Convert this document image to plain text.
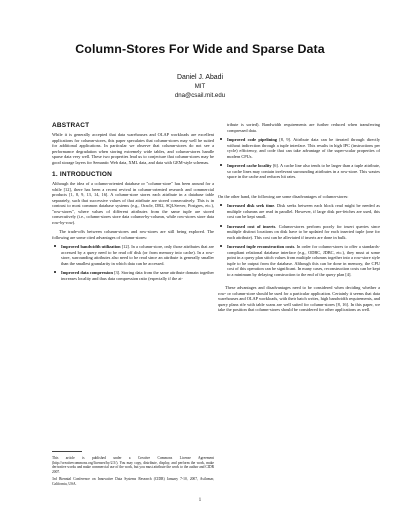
Column-Stores For Wide and Sparse Data
Daniel J. Abadi
MIT
dna@csail.mit.edu
ABSTRACT

While it is generally accepted that data warehouses and OLAP workloads are excellent applications for column-stores, this paper speculates that column-stores may well be suited for additional applications. In particular we observe that column-stores do not see a performance degradation when storing extremely wide tables, and column-stores handle sparse data very well. These two properties lead us to conjecture that column-stores may be good storage layers for Semantic Web data, XML data, and data with GEM-style schemas.

1. INTRODUCTION

Although the idea of a column-oriented database or "column-store" has been around for a while [12], there has been a recent revival in column-oriented research and commercial products [1, 8, 9, 13, 14, 16]. A column-store stores each attribute in a database table separately, such that successive values of that attribute are stored consecutively. This is in contrast to most common database systems (e.g., Oracle, DB2, SQLServer, Postgres, etc.), "row-stores", where values of different attributes from the same tuple are stored consecutively (i.e., column-stores store data column-by-column, while row-stores store data row-by-row).

The trade-offs between column-stores and row-stores are still being explored. The following are some cited advantages of column-stores:

Improved bandwidth utilization [12]. In a column-store, only those attributes that are accessed by a query need to be read off disk (or from memory into cache). In a row-store, surrounding attributes also need to be read since an attribute is generally smaller than the smallest granularity in which data can be accessed.

Improved data compression [3]. Storing data from the same attribute domain together increases locality and thus data compression ratio (especially if the at-

This article is published under a Creative Commons License Agreement (http://creativecommons.org/licenses/by/2.5/). You may copy, distribute, display, and perform the work, make derivative works and make commercial use of the work, but you must attribute the work to the author and CIDR 2007.

3rd Biennial Conference on Innovative Data Systems Research (CIDR) January 7-10, 2007, Asilomar, California, USA.

tribute is sorted). Bandwidth requirements are further reduced when transferring compressed data.

Improved code pipelining [8, 9]. Attribute data can be iterated through directly without indirection through a tuple interface. This results in high IPC (instructions per cycle) efficiency, and code that can take advantage of the super-scalar properties of modern CPUs.

Improved cache locality [6]. A cache line also tends to be larger than a tuple attribute, so cache lines may contain irrelevant surrounding attributes in a row-store. This wastes space in the cache and reduces hit rates.

On the other hand, the following are some disadvantages of column-stores:

Increased disk seek time. Disk seeks between each block read might be needed as multiple columns are read in parallel. However, if large disk pre-fetches are used, this cost can be kept small.

Increased cost of inserts. Column-stores perform poorly for insert queries since multiple distinct locations on disk have to be updated for each inserted tuple (one for each attribute). This cost can be alleviated if inserts are done in bulk.

Increased tuple reconstruction costs. In order for column-stores to offer a standards-compliant relational database interface (e.g., ODBC, JDBC, etc.), they must at some point in a query plan stitch values from multiple columns together into a row-store style tuple to be output from the database. Although this can be done in memory, the CPU cost of this operation can be significant. In many cases, reconstruction costs can be kept to a minimum by delaying construction to the end of the query plan [4].

These advantages and disadvantages need to be considered when deciding whether a row- or column-store should be used for a particular application. Certainly it seems that data warehouses and OLAP workloads, with their batch writes, high bandwidth requirements, and query plans rife with table scans are well suited for column-stores [8, 16]. In this paper, we take the position that column-stores should be considered for other applications as well.

1
